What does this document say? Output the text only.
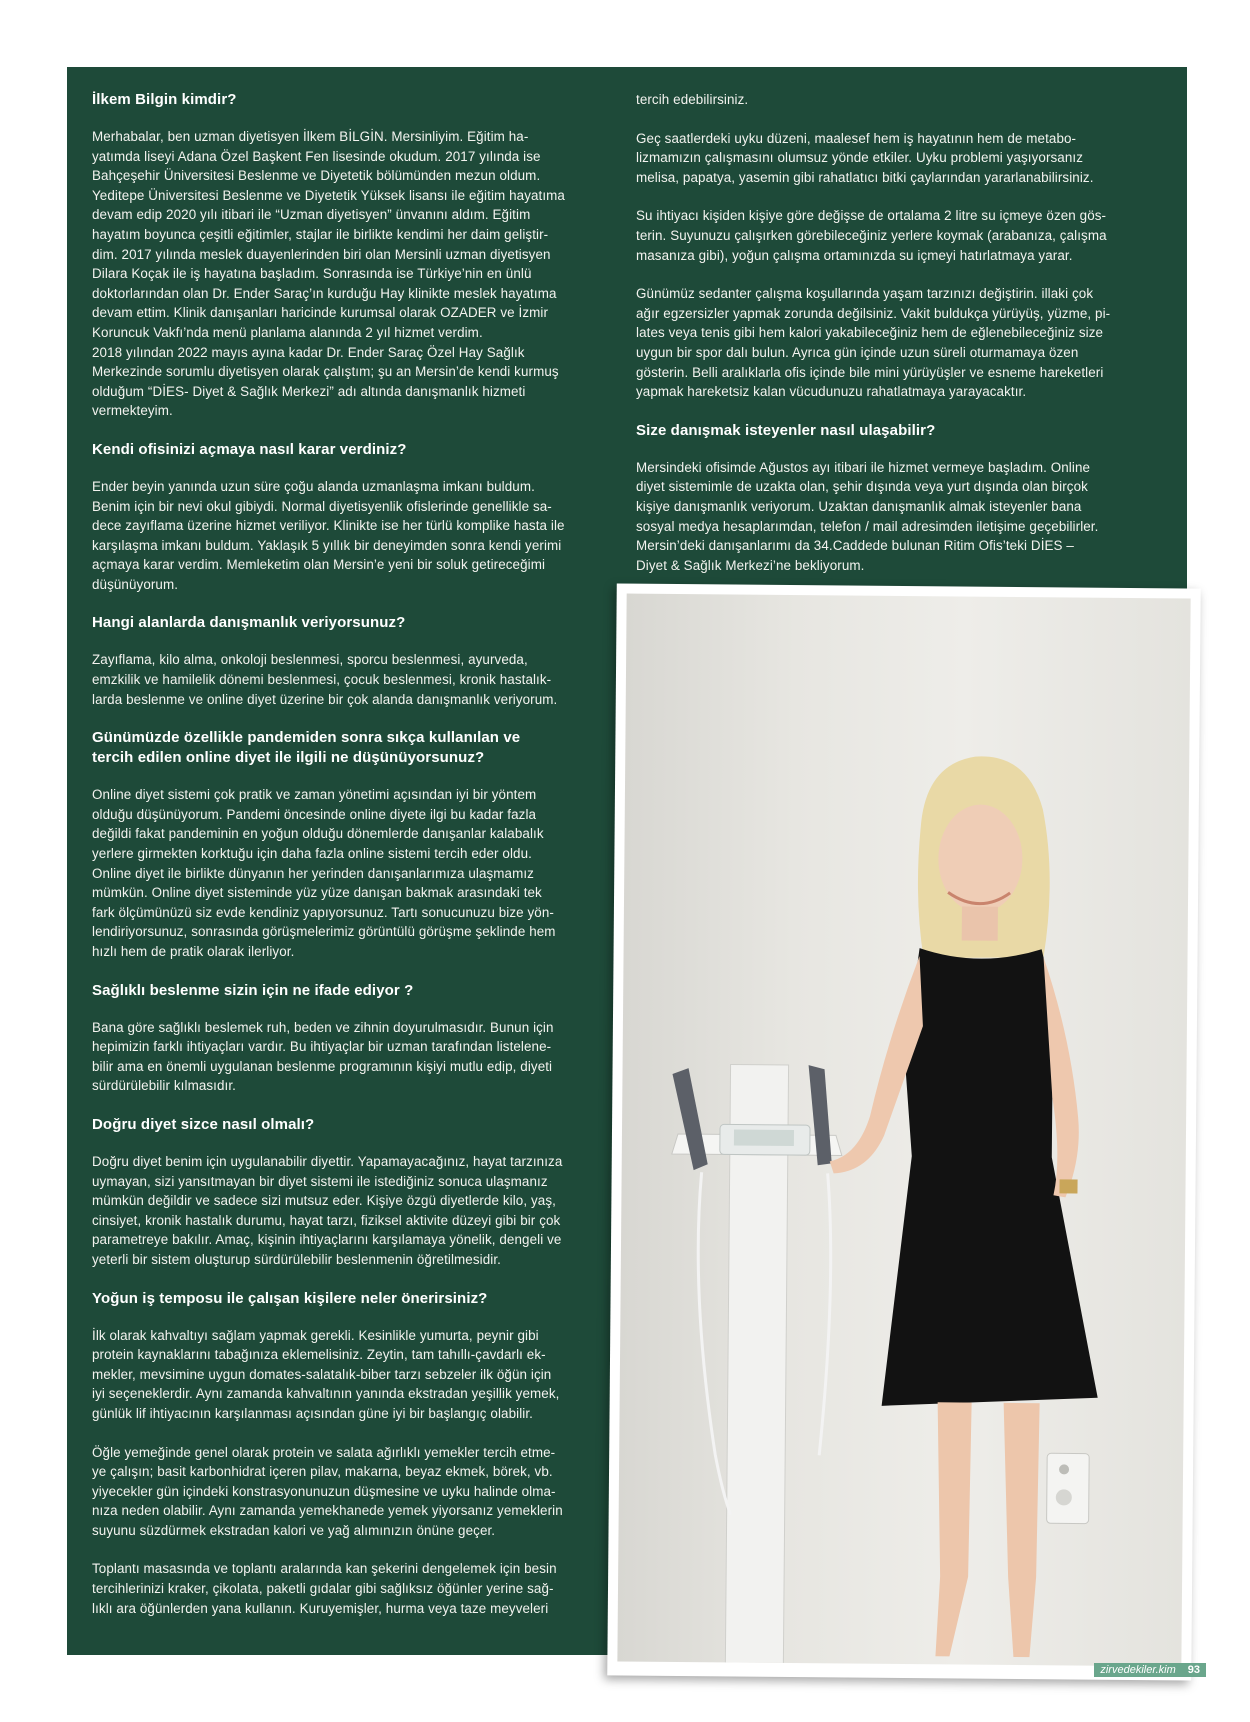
İlkem Bilgin kimdir?
Merhabalar, ben uzman diyetisyen İlkem BİLGİN. Mersinliyim. Eğitim ha-
yatımda liseyi Adana Özel Başkent Fen lisesinde okudum. 2017 yılında ise
Bahçeşehir Üniversitesi Beslenme ve Diyetetik bölümünden mezun oldum.
Yeditepe Üniversitesi Beslenme ve Diyetetik Yüksek lisansı ile eğitim hayatıma
devam edip 2020 yılı itibari ile “Uzman diyetisyen” ünvanını aldım. Eğitim
hayatım boyunca çeşitli eğitimler, stajlar ile birlikte kendimi her daim geliştir-
dim. 2017 yılında meslek duayenlerinden biri olan Mersinli uzman diyetisyen
Dilara Koçak ile iş hayatına başladım. Sonrasında ise Türkiye’nin en ünlü
doktorlarından olan Dr. Ender Saraç’ın kurduğu Hay klinikte meslek hayatıma
devam ettim. Klinik danışanları haricinde kurumsal olarak OZADER ve İzmir
Koruncuk Vakfı’nda menü planlama alanında 2 yıl hizmet verdim.
2018 yılından 2022 mayıs ayına kadar Dr. Ender Saraç Özel Hay Sağlık
Merkezinde sorumlu diyetisyen olarak çalıştım; şu an Mersin’de kendi kurmuş
olduğum “DİES- Diyet & Sağlık Merkezi” adı altında danışmanlık hizmeti
vermekteyim.
Kendi ofisinizi açmaya nasıl karar verdiniz?
Ender beyin yanında uzun süre çoğu alanda uzmanlaşma imkanı buldum.
Benim için bir nevi okul gibiydi. Normal diyetisyenlik ofislerinde genellikle sa-
dece zayıflama üzerine hizmet veriliyor. Klinikte ise her türlü komplike hasta ile
karşılaşma imkanı buldum. Yaklaşık 5 yıllık bir deneyimden sonra kendi yerimi
açmaya karar verdim. Memleketim olan Mersin’e yeni bir soluk getireceğimi
düşünüyorum.
Hangi alanlarda danışmanlık veriyorsunuz?
Zayıflama, kilo alma, onkoloji beslenmesi, sporcu beslenmesi, ayurveda,
emzkilik ve hamilelik dönemi beslenmesi, çocuk beslenmesi, kronik hastalık-
larda beslenme ve online diyet üzerine bir çok alanda danışmanlık veriyorum.
Günümüzde özellikle pandemiden sonra sıkça kullanılan ve
tercih edilen online diyet ile ilgili ne düşünüyorsunuz?
Online diyet sistemi çok pratik ve zaman yönetimi açısından iyi bir yöntem
olduğu düşünüyorum. Pandemi öncesinde online diyete ilgi bu kadar fazla
değildi fakat pandeminin en yoğun olduğu dönemlerde danışanlar kalabalık
yerlere girmekten korktuğu için daha fazla online sistemi tercih eder oldu.
Online diyet ile birlikte dünyanın her yerinden danışanlarımıza ulaşmamız
mümkün. Online diyet sisteminde yüz yüze danışan bakmak arasındaki tek
fark ölçümünüzü siz evde kendiniz yapıyorsunuz. Tartı sonucunuzu bize yön-
lendiriyorsunuz, sonrasında görüşmelerimiz görüntülü görüşme şeklinde hem
hızlı hem de pratik olarak ilerliyor.
Sağlıklı beslenme sizin için ne ifade ediyor ?
Bana göre sağlıklı beslemek ruh, beden ve zihnin doyurulmasıdır. Bunun için
hepimizin farklı ihtiyaçları vardır. Bu ihtiyaçlar bir uzman tarafından listelene-
bilir ama en önemli uygulanan beslenme programının kişiyi mutlu edip, diyeti
sürdürülebilir kılmasıdır.
Doğru diyet sizce nasıl olmalı?
Doğru diyet benim için uygulanabilir diyettir. Yapamayacağınız, hayat tarzınıza
uymayan, sizi yansıtmayan bir diyet sistemi ile istediğiniz sonuca ulaşmanız
mümkün değildir ve sadece sizi mutsuz eder. Kişiye özgü diyetlerde kilo, yaş,
cinsiyet, kronik hastalık durumu, hayat tarzı, fiziksel aktivite düzeyi gibi bir çok
parametreye bakılır. Amaç, kişinin ihtiyaçlarını karşılamaya yönelik, dengeli ve
yeterli bir sistem oluşturup sürdürülebilir beslenmenin öğretilmesidir.
Yoğun iş temposu ile çalışan kişilere neler önerirsiniz?
İlk olarak kahvaltıyı sağlam yapmak gerekli. Kesinlikle yumurta, peynir gibi
protein kaynaklarını tabağınıza eklemelisiniz. Zeytin, tam tahıllı-çavdarlı ek-
mekler, mevsimine uygun domates-salatalık-biber tarzı sebzeler ilk öğün için
iyi seçeneklerdir. Aynı zamanda kahvaltının yanında ekstradan yeşillik yemek,
günlük lif ihtiyacının karşılanması açısından güne iyi bir başlangıç olabilir.
Öğle yemeğinde genel olarak protein ve salata ağırlıklı yemekler tercih etme-
ye çalışın; basit karbonhidrat içeren pilav, makarna, beyaz ekmek, börek, vb.
yiyecekler gün içindeki konstrasyonunuzun düşmesine ve uyku halinde olma-
nıza neden olabilir. Aynı zamanda yemekhanede yemek yiyorsanız yemeklerin
suyunu süzdürmek ekstradan kalori ve yağ alımınızın önüne geçer.
Toplantı masasında ve toplantı aralarında kan şekerini dengelemek için besin
tercihlerinizi kraker, çikolata, paketli gıdalar gibi sağlıksız öğünler yerine sağ-
lıklı ara öğünlerden yana kullanın. Kuruyemişler, hurma veya taze meyveleri
tercih edebilirsiniz.
Geç saatlerdeki uyku düzeni, maalesef hem iş hayatının hem de metabo-
lizmamızın çalışmasını olumsuz yönde etkiler. Uyku problemi yaşıyorsanız
melisa, papatya, yasemin gibi rahatlatıcı bitki çaylarından yararlanabilirsiniz.
Su ihtiyacı kişiden kişiye göre değişse de ortalama 2 litre su içmeye özen gös-
terin. Suyunuzu çalışırken görebileceğiniz yerlere koymak (arabanıza, çalışma
masanıza gibi), yoğun çalışma ortamınızda su içmeyi hatırlatmaya yarar.
Günümüz sedanter çalışma koşullarında yaşam tarzınızı değiştirin. illaki çok
ağır egzersizler yapmak zorunda değilsiniz. Vakit buldukça yürüyüş, yüzme, pi-
lates veya tenis gibi hem kalori yakabileceğiniz hem de eğlenebileceğiniz size
uygun bir spor dalı bulun. Ayrıca gün içinde uzun süreli oturmamaya özen
gösterin. Belli aralıklarla ofis içinde bile mini yürüyüşler ve esneme hareketleri
yapmak hareketsiz kalan vücudunuzu rahatlatmaya yarayacaktır.
Size danışmak isteyenler nasıl ulaşabilir?
Mersindeki ofisimde Ağustos ayı itibari ile hizmet vermeye başladım. Online
diyet sistemimle de uzakta olan, şehir dışında veya yurt dışında olan birçok
kişiye danışmanlık veriyorum. Uzaktan danışmanlık almak isteyenler bana
sosyal medya hesaplarımdan, telefon / mail adresimden iletişime geçebilirler.
Mersin’deki danışanlarımı da 34.Caddede bulunan Ritim Ofis’teki DİES –
Diyet & Sağlık Merkezi’ne bekliyorum.
zirvedekiler.kim 93
